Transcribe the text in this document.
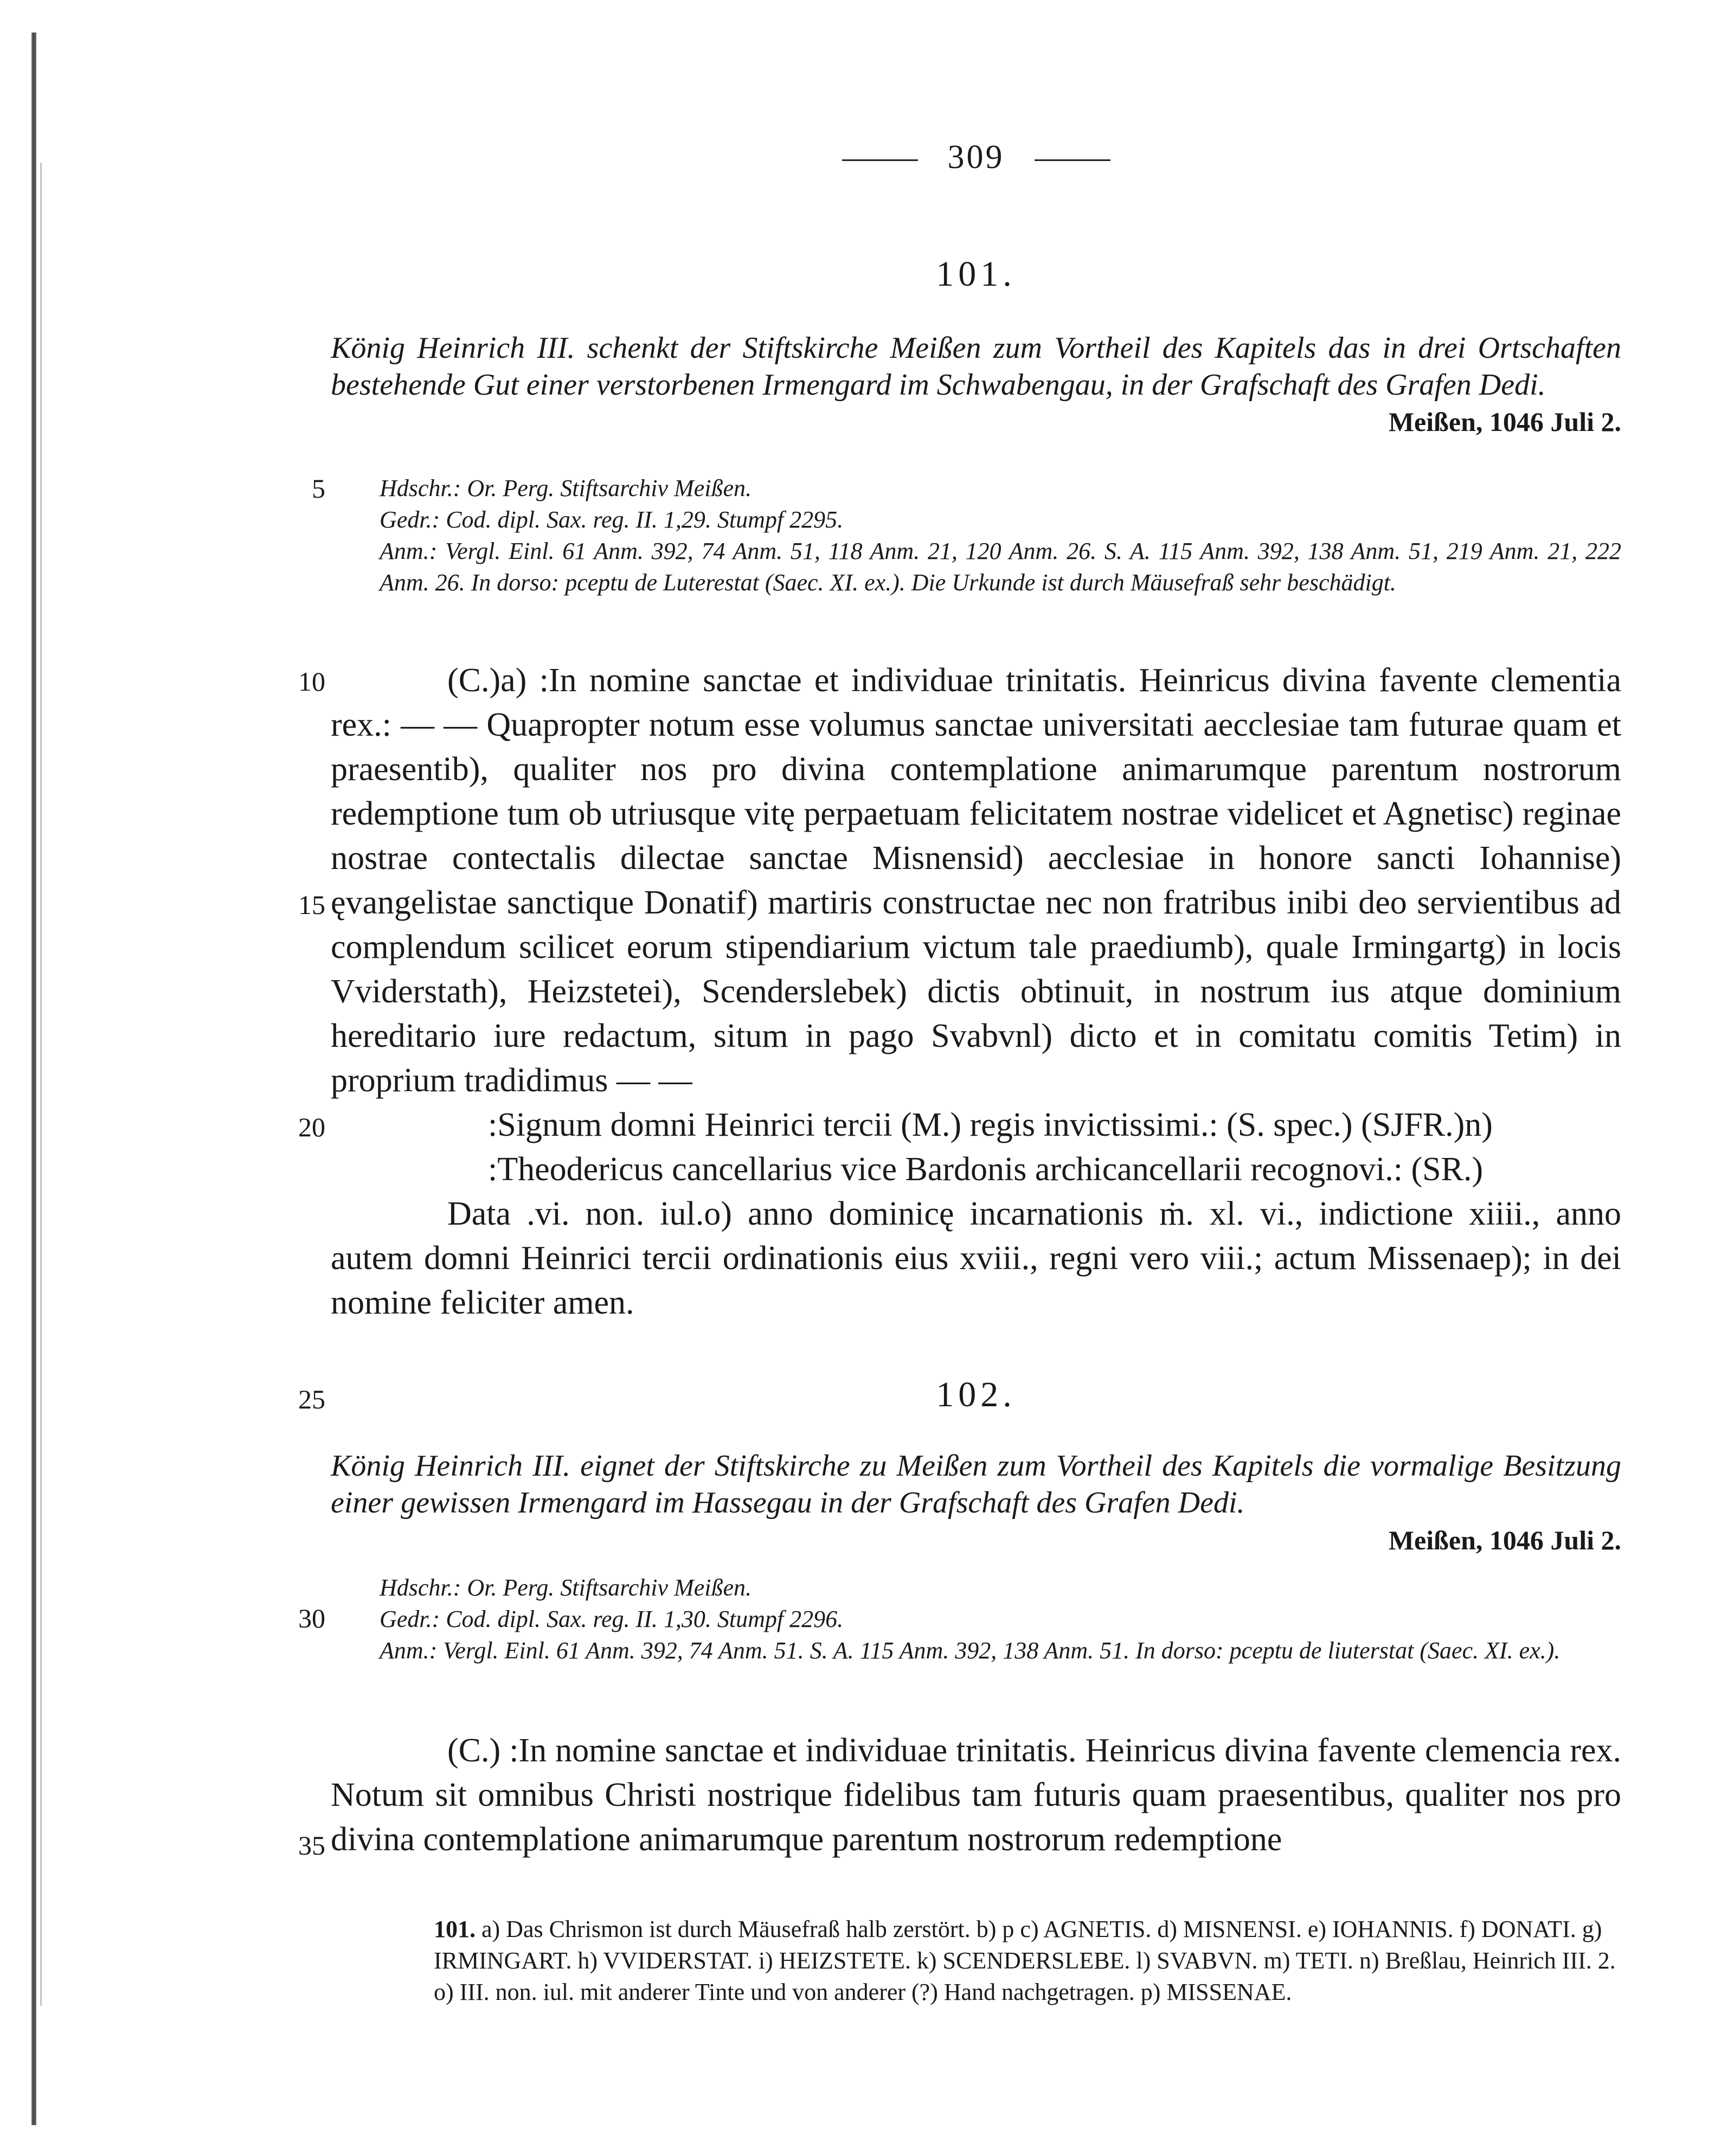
309
101.
König Heinrich III. schenkt der Stiftskirche Meißen zum Vortheil des Kapitels das in drei Ortschaften bestehende Gut einer verstorbenen Irmengard im Schwabengau, in der Grafschaft des Grafen Dedi.
Meißen, 1046 Juli 2.
5 Hdschr.: Or. Perg. Stiftsarchiv Meißen.
Gedr.: Cod. dipl. Sax. reg. II. 1,29. Stumpf 2295.
Anm.: Vergl. Einl. 61 Anm. 392, 74 Anm. 51, 118 Anm. 21, 120 Anm. 26. S. A. 115 Anm. 392, 138 Anm. 51, 219 Anm. 21, 222 Anm. 26. In dorso: pceptu de Luterestat (Saec. XI. ex.). Die Urkunde ist durch Mäusefraß sehr beschädigt.
10
15
20

(C.)a) :In nomine sanctae et individuae trinitatis. Heinricus divina favente clementia rex.: — — Quapropter notum esse volumus sanctae universitati aecclesiae tam futurae quam et praesentib), qualiter nos pro divina contemplatione animarumque parentum nostrorum redemptione tum ob utriusque vitę perpaetuam felicitatem nostrae videlicet et Agnetisc) reginae nostrae contectalis dilectae sanctae Misnensid) aecclesiae in honore sancti Iohannise) ęvangelistae sanctique Donatif) martiris constructae nec non fratribus inibi deo servientibus ad complendum scilicet eorum stipendiarium victum tale praediumb), quale Irmingartg) in locis Vviderstath), Heizstetei), Scenderslebek) dictis obtinuit, in nostrum ius atque dominium hereditario iure redactum, situm in pago Svabvnl) dicto et in comitatu comitis Tetim) in proprium tradidimus — —

:Signum domni Heinrici tercii (M.) regis invictissimi.: (S. spec.) (SJFR.)n)

:Theodericus cancellarius vice Bardonis archicancellarii recognovi.: (SR.)

Data .vi. non. iul.o) anno dominicę incarnationis ṁ. xl. vi., indictione xiiii., anno autem domni Heinrici tercii ordinationis eius xviii., regni vero viii.; actum Missenaep); in dei nomine feliciter amen.

25	102.
König Heinrich III. eignet der Stiftskirche zu Meißen zum Vortheil des Kapitels die vormalige Besitzung einer gewissen Irmengard im Hassegau in der Grafschaft des Grafen Dedi.
Meißen, 1046 Juli 2.
30
Hdschr.: Or. Perg. Stiftsarchiv Meißen.
Gedr.: Cod. dipl. Sax. reg. II. 1,30. Stumpf 2296.
Anm.: Vergl. Einl. 61 Anm. 392, 74 Anm. 51. S. A. 115 Anm. 392, 138 Anm. 51. In dorso: pceptu de liuterstat (Saec. XI. ex.).
35

(C.) :In nomine sanctae et individuae trinitatis. Heinricus divina favente clemencia rex. Notum sit omnibus Christi nostrique fidelibus tam futuris quam praesentibus, qualiter nos pro divina contemplatione animarumque parentum nostrorum redemptione

101. a) Das Chrismon ist durch Mäusefraß halb zerstört. b) p c) AGNETIS. d) MISNENSI. e) IOHANNIS. f) DONATI. g) IRMINGART. h) VVIDERSTAT. i) HEIZSTETE. k) SCENDERSLEBE. l) SVABVN. m) TETI. n) Breßlau, Heinrich III. 2. o) III. non. iul. mit anderer Tinte und von anderer (?) Hand nachgetragen. p) MISSENAE.
